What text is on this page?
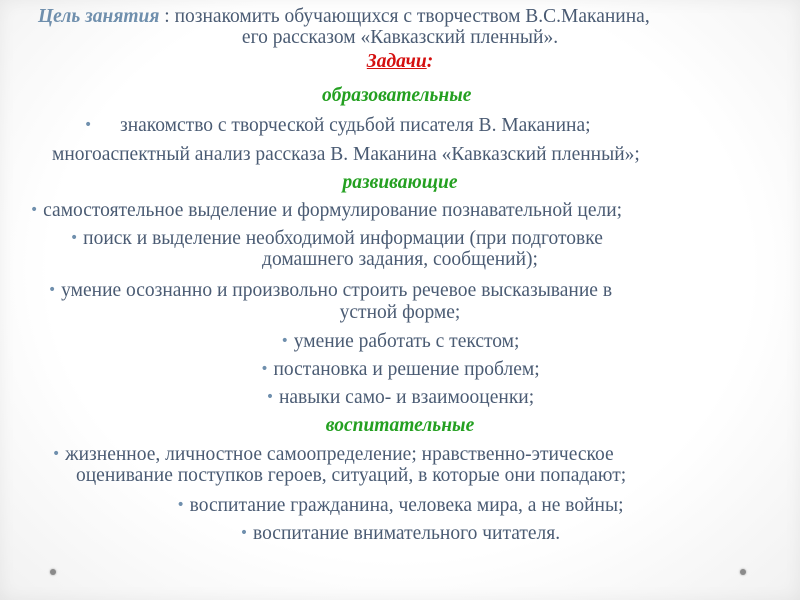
Цель занятия : познакомить обучающихся с творчеством В.С.Маканина,
его рассказом «Кавказский пленный».
Задачи:
образовательные
• знакомство с творческой судьбой писателя В. Маканина;
многоаспектный анализ рассказа В. Маканина «Кавказский пленный»;
развивающие
• самостоятельное выделение и формулирование познавательной цели;
• поиск и выделение необходимой информации (при подготовке
домашнего задания, сообщений);
• умение осознанно и произвольно строить речевое высказывание в
устной форме;
• умение работать с текстом;
• постановка и решение проблем;
• навыки само- и взаимооценки;
воспитательные
• жизненное, личностное самоопределение; нравственно-этическое
оценивание поступков героев, ситуаций, в которые они попадают;
• воспитание гражданина, человека мира, а не войны;
• воспитание внимательного читателя.
